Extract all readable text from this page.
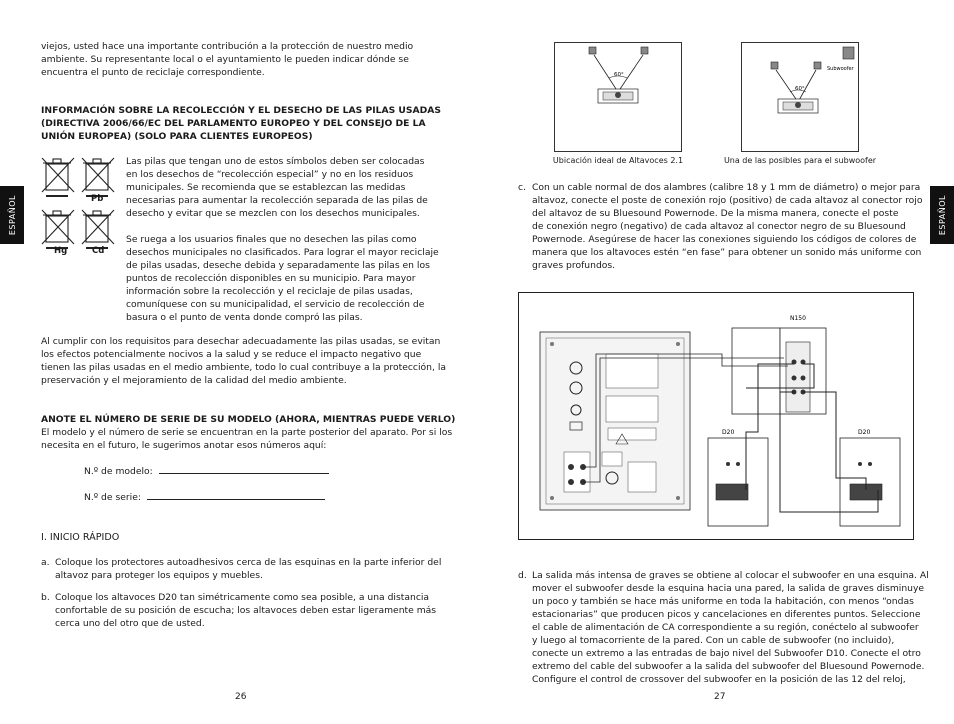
ESPAÑOL	ESPAÑOL
viejos, usted hace una importante contribución a la protección de nuestro medio
ambiente. Su representante local o el ayuntamiento le pueden indicar dónde se
encuentra el punto de reciclaje correspondiente.
INFORMACIÓN SOBRE LA RECOLECCIÓN Y EL DESECHO DE LAS PILAS USADAS
(DIRECTIVA 2006/66/EC DEL PARLAMENTO EUROPEO Y DEL CONSEJO DE LA
UNIÓN EUROPEA) (SOLO PARA CLIENTES EUROPEOS)
Pb
Hg	Cd
Las pilas que tengan uno de estos símbolos deben ser colocadas
en los desechos de “recolección especial” y no en los residuos
municipales. Se recomienda que se establezcan las medidas
necesarias para aumentar la recolección separada de las pilas de
desecho y evitar que se mezclen con los desechos municipales.
Se ruega a los usuarios finales que no desechen las pilas como
desechos municipales no clasificados. Para lograr el mayor reciclaje
de pilas usadas, deseche debida y separadamente las pilas en los
puntos de recolección disponibles en su municipio. Para mayor
información sobre la recolección y el reciclaje de pilas usadas,
comuníquese con su municipalidad, el servicio de recolección de
basura o el punto de venta donde compró las pilas.
Al cumplir con los requisitos para desechar adecuadamente las pilas usadas, se evitan
los efectos potencialmente nocivos a la salud y se reduce el impacto negativo que
tienen las pilas usadas en el medio ambiente, todo lo cual contribuye a la protección, la
preservación y el mejoramiento de la calidad del medio ambiente.
ANOTE EL NÚMERO DE SERIE DE SU MODELO (AHORA, MIENTRAS PUEDE VERLO)
El modelo y el número de serie se encuentran en la parte posterior del aparato. Por si los
necesita en el futuro, le sugerimos anotar esos números aquí:
N.º de modelo:
N.º de serie:
I. INICIO RÁPIDO
a. Coloque los protectores autoadhesivos cerca de las esquinas en la parte inferior del
altavoz para proteger los equipos y muebles.
b. Coloque los altavoces D20 tan simétricamente como sea posible, a una distancia
confortable de su posición de escucha; los altavoces deben estar ligeramente más
cerca uno del otro que de usted.
26
60°
Ubicación ideal de Altavoces 2.1
Subwoofer
60°
Una de las posibles para el subwoofer
c. Con un cable normal de dos alambres (calibre 18 y 1 mm de diámetro) o mejor para
altavoz, conecte el poste de conexión rojo (positivo) de cada altavoz al conector rojo
del altavoz de su Bluesound Powernode. De la misma manera, conecte el poste
de conexión negro (negativo) de cada altavoz al conector negro de su Bluesound
Powernode. Asegúrese de hacer las conexiones siguiendo los códigos de colores de
manera que los altavoces estén “en fase” para obtener un sonido más uniforme con
graves profundos.
N150
D20	D20
d. La salida más intensa de graves se obtiene al colocar el subwoofer en una esquina. Al
mover el subwoofer desde la esquina hacia una pared, la salida de graves disminuye
un poco y también se hace más uniforme en toda la habitación, con menos “ondas
estacionarias” que producen picos y cancelaciones en diferentes puntos. Seleccione
el cable de alimentación de CA correspondiente a su región, conéctelo al subwoofer
y luego al tomacorriente de la pared. Con un cable de subwoofer (no incluido),
conecte un extremo a las entradas de bajo nivel del Subwoofer D10. Conecte el otro
extremo del cable del subwoofer a la salida del subwoofer del Bluesound Powernode.
Configure el control de crossover del subwoofer en la posición de las 12 del reloj,
27
